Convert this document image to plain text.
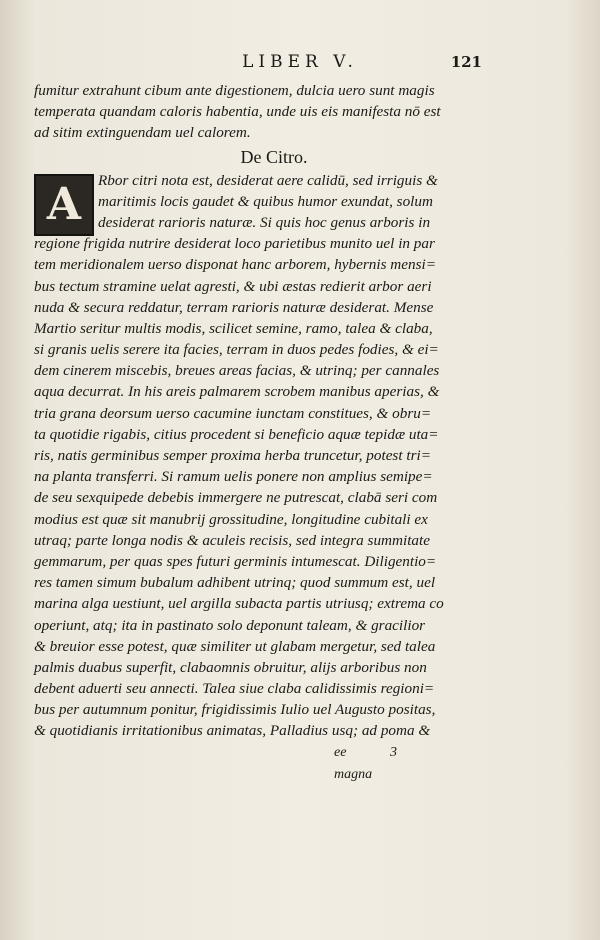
LIBER V.	121
fumitur extrahunt cibum ante digestionem, dulcia uero sunt magis
temperata quandam caloris habentia, unde uis eis manifesta nō est
ad sitim extinguendam uel calorem.
De Citro.
A	Rbor citri nota est, desiderat aere calidū, sed irriguis &
maritimis locis gaudet & quibus humor exundat, solum
desiderat rarioris naturæ. Si quis hoc genus arboris in
regione frigida nutrire desiderat loco parietibus munito uel in par
tem meridionalem uerso disponat hanc arborem, hybernis mensi=
bus tectum stramine uelat agresti, & ubi æstas redierit arbor aeri
nuda & secura reddatur, terram rarioris naturæ desiderat. Mense
Martio seritur multis modis, scilicet semine, ramo, talea & claba,
si granis uelis serere ita facies, terram in duos pedes fodies, & ei=
dem cinerem miscebis, breues areas facias, & utrinq; per cannales
aqua decurrat. In his areis palmarem scrobem manibus aperias, &
tria grana deorsum uerso cacumine iunctam constitues, & obru=
ta quotidie rigabis, citius procedent si beneficio aquæ tepidæ uta=
ris, natis germinibus semper proxima herba truncetur, potest tri=
na planta transferri. Si ramum uelis ponere non amplius semipe=
de seu sexquipede debebis immergere ne putrescat, clabā seri com
modius est quæ sit manubrij grossitudine, longitudine cubitali ex
utraq; parte longa nodis & aculeis recisis, sed integra summitate
gemmarum, per quas spes futuri germinis intumescat. Diligentio=
res tamen simum bubalum adhibent utrinq; quod summum est, uel
marina alga uestiunt, uel argilla subacta partis utriusq; extrema co
operiunt, atq; ita in pastinato solo deponunt taleam, & gracilior
& breuior esse potest, quæ similiter ut glabam mergetur, sed talea
palmis duabus superfit, clabaomnis obruitur, alijs arboribus non
debent aduerti seu annecti. Talea siue claba calidissimis regioni=
bus per autumnum ponitur, frigidissimis Iulio uel Augusto positas,
& quotidianis irritationibus animatas, Palladius usq; ad poma &
ee	3 magna
